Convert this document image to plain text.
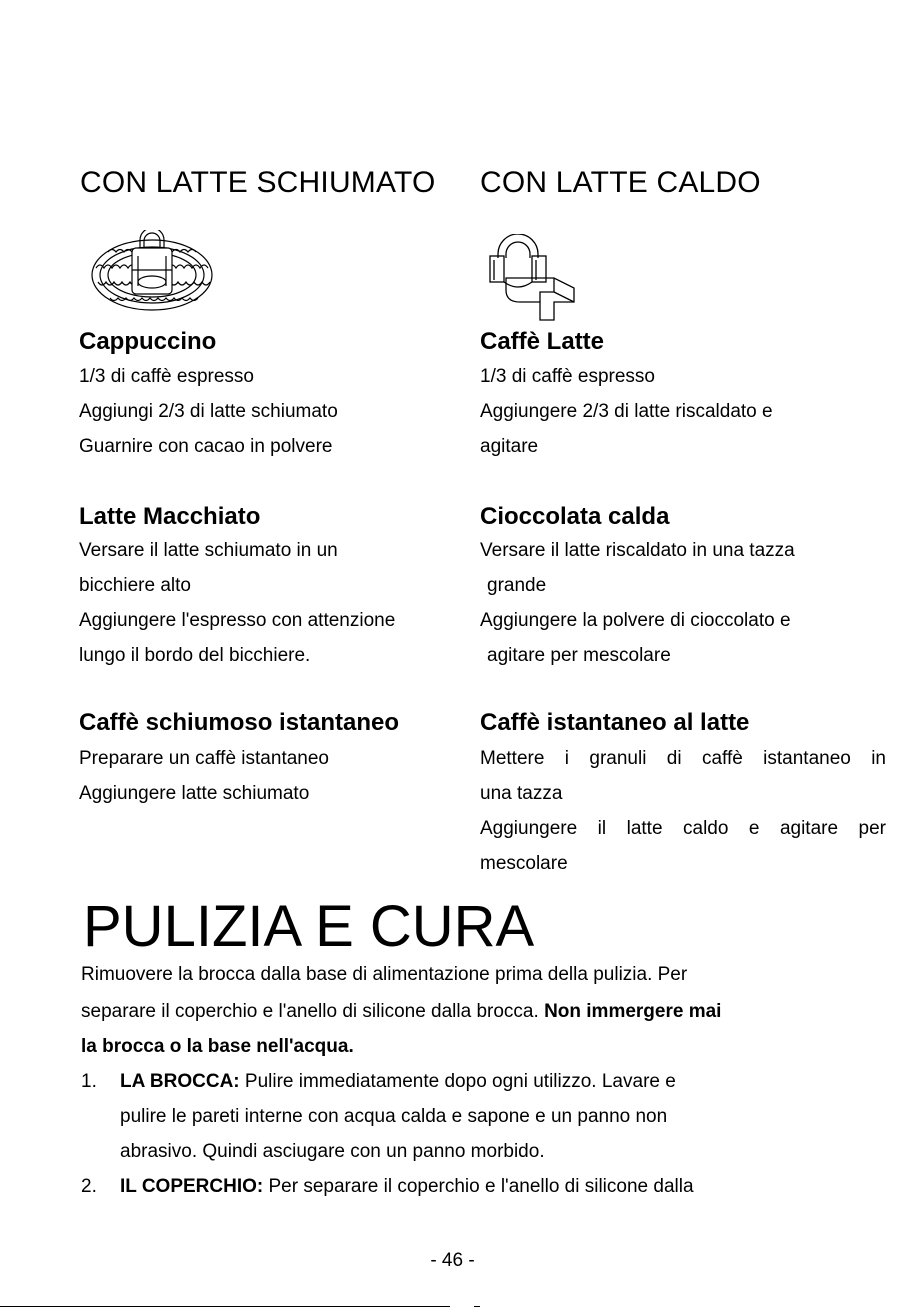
CON LATTE SCHIUMATO CON LATTE CALDO
Cappuccino
1/3 di caffè espresso
Aggiungi 2/3 di latte schiumato
Guarnire con cacao in polvere
Latte Macchiato
Versare il latte schiumato in un
bicchiere alto
Aggiungere l'espresso con attenzione
lungo il bordo del bicchiere.
Caffè schiumoso istantaneo
Preparare un caffè istantaneo
Aggiungere latte schiumato
Caffè Latte
1/3 di caffè espresso
Aggiungere 2/3 di latte riscaldato e
agitare
Cioccolata calda
Versare il latte riscaldato in una tazza
grande
Aggiungere la polvere di cioccolato e
agitare per mescolare
Caffè istantaneo al latte
Mettere i granuli di caffè istantaneo in
una tazza
Aggiungere il latte caldo e agitare per
mescolare
PULIZIA E CURA
Rimuovere la brocca dalla base di alimentazione prima della pulizia. Per
separare il coperchio e l'anello di silicone dalla brocca. Non immergere mai
la brocca o la base nell'acqua.
1. LA BROCCA: Pulire immediatamente dopo ogni utilizzo. Lavare e
pulire le pareti interne con acqua calda e sapone e un panno non
abrasivo. Quindi asciugare con un panno morbido.
2. IL COPERCHIO: Per separare il coperchio e l'anello di silicone dalla
- 46 -
